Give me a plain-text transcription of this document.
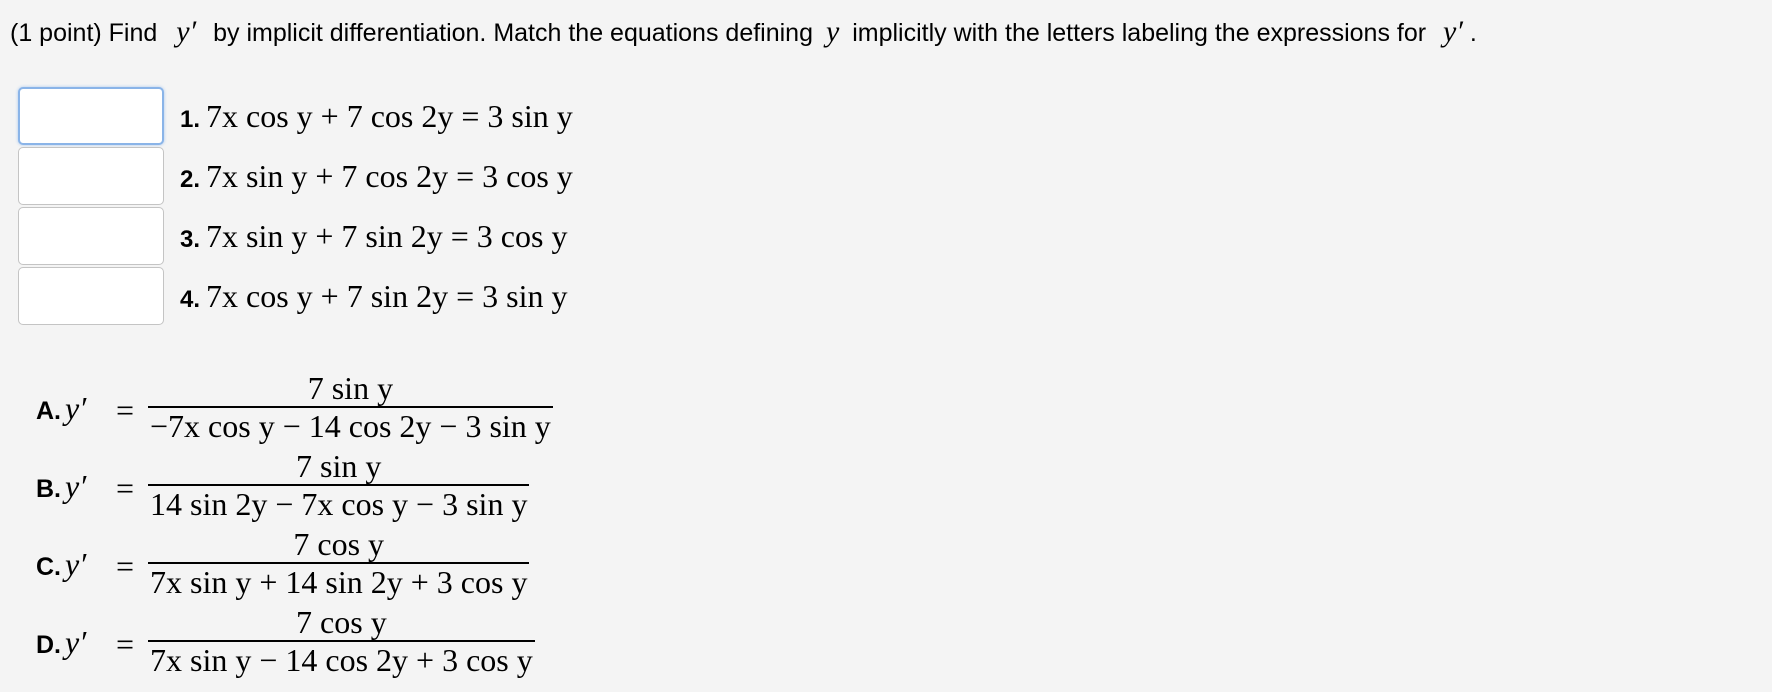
(1 point) Find y′ by implicit differentiation. Match the equations defining y implicitly with the letters labeling the expressions for y′ .
1. 7x cos y + 7 cos 2y = 3 sin y
2. 7x sin y + 7 cos 2y = 3 cos y
3. 7x sin y + 7 sin 2y = 3 cos y
4. 7x cos y + 7 sin 2y = 3 sin y
A. y′ =
7 sin y
−7x cos y − 14 cos 2y − 3 sin y
B. y′ =
7 sin y
14 sin 2y − 7x cos y − 3 sin y
C. y′ =
7 cos y
7x sin y + 14 sin 2y + 3 cos y
D. y′ =
7 cos y
7x sin y − 14 cos 2y + 3 cos y
